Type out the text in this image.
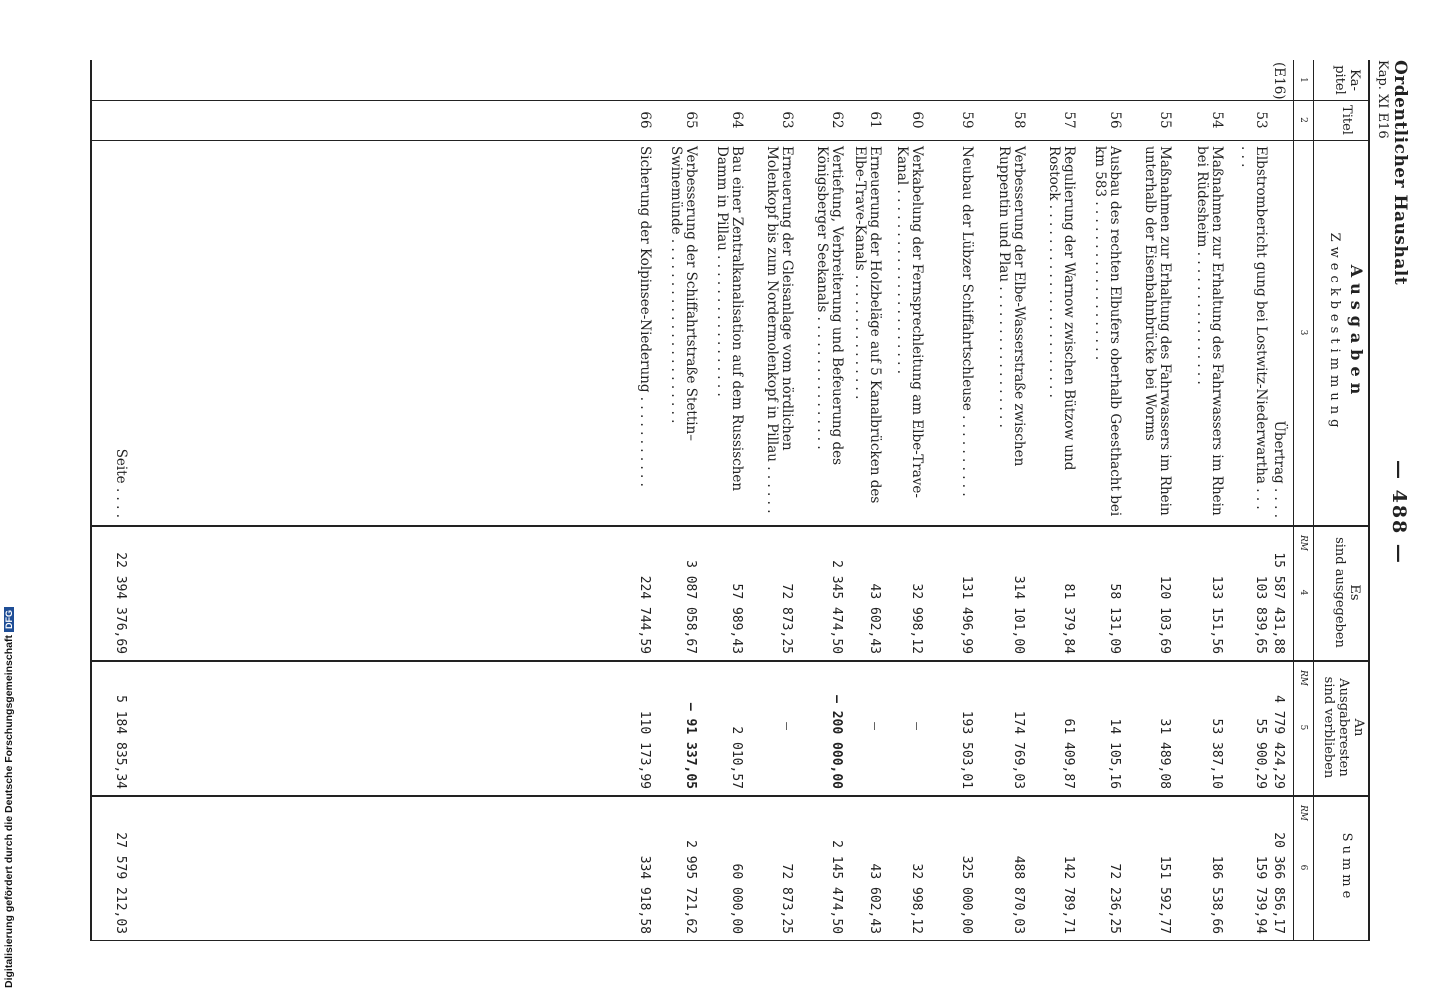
Digitalisierung gefördert durch die Deutsche ForschungsgemeinschaftDFG
Ordentlicher Haushalt
Kap. XI E16
— 488 —
Ka-
pitel
Titel
Ausgaben
Zweckbestimmung
Es
sind ausgegeben
An
Ausgaberesten
sind verblieben
Summe
1
2
3
4
5
6
RM
RM
RM
(E16)
Übertrag . . . .
15 587 431,88
4 779 424,29
20 366 856,17
53
Elbstrombericht gung bei Lostwitz-Niederwartha . . . . . .
103 839,65
55 900,29
159 739,94
54
Maßnahmen zur Erhaltung des Fahrwassers im Rhein bei Rüdesheim . . . . . . . . . . . . . . . .
133 151,56
53 387,10
186 538,66
55
Maßnahmen zur Erhaltung des Fahrwassers im Rhein unterhalb der Eisenbahnbrücke bei Worms
120 103,69
31 489,08
151 592,77
56
Ausbau des rechten Elbufers oberhalb Geesthacht bei km 583 . . . . . . . . . . . . . . . . . . .
58 131,09
14 105,16
72 236,25
57
Regulierung der Warnow zwischen Bützow und Rostock . . . . . . . . . . . . . . . . . . . . . . .
81 379,84
61 409,87
142 789,71
58
Verbesserung der Elbe-Wasserstraße zwischen Ruppentin und Plau . . . . . . . . . . . . . . . . .
314 101,00
174 769,03
488 870,03
59
Neubau der Lübzer Schiffahrtschleuse . . . . . . . . . .
131 496,99
193 503,01
325 000,00
60
Verkabelung der Fernsprechleitung am Elbe-Trave-Kanal . . . . . . . . . . . . . . . . . . . . . .
32 998,12
—
32 998,12
61
Erneuerung der Holzbeläge auf 5 Kanalbrücken des Elbe-Trave-Kanals . . . . . . . . . . . . . . .
43 602,43
—
43 602,43
62
Vertiefung, Verbreiterung und Befeuerung des Königsberger Seekanals . . . . . . . . . . . . . . . .
2 345 474,50
— 200 000,00
2 145 474,50
63
Erneuerung der Gleisanlage vom nördlichen Molenkopf bis zum Nordermolenkopf in Pillau . . . . . .
72 873,25
—
72 873,25
64
Bau einer Zentralkanalisation auf dem Russischen Damm in Pillau . . . . . . . . . . . . . . . . .
57 989,43
2 010,57
60 000,00
65
Verbesserung der Schiffahrtstraße Stettin–Swinemünde . . . . . . . . . . . . . . . . . . . . . .
3 087 058,67
— 91 337,05
2 995 721,62
66
Sicherung der Kolpinsee-Niederung . . . . . . . . . . .
224 744,59
110 173,99
334 918,58
Seite . . . .
22 394 376,69
5 184 835,34
27 579 212,03
